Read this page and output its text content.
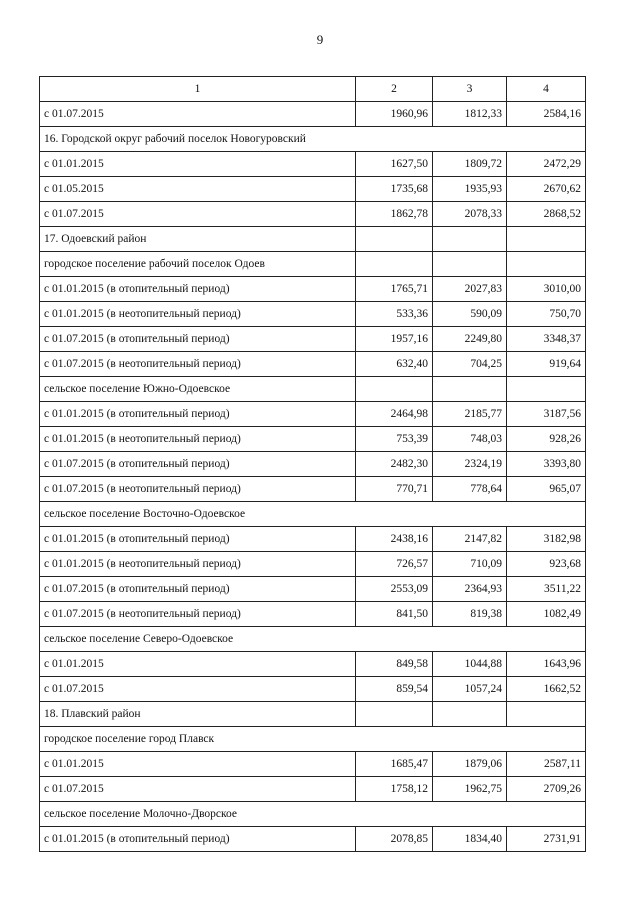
9
1	2	3	4
с 01.07.2015	1960,96	1812,33	2584,16
16. Городской округ рабочий поселок Новогуровский			
с 01.01.2015	1627,50	1809,72	2472,29
с 01.05.2015	1735,68	1935,93	2670,62
с 01.07.2015	1862,78	2078,33	2868,52
17. Одоевский район			
городское поселение рабочий поселок Одоев			
с 01.01.2015 (в отопительный период)	1765,71	2027,83	3010,00
с 01.01.2015 (в неотопительный период)	533,36	590,09	750,70
с 01.07.2015 (в отопительный период)	1957,16	2249,80	3348,37
с 01.07.2015 (в неотопительный период)	632,40	704,25	919,64
сельское поселение Южно-Одоевское			
с 01.01.2015 (в отопительный период)	2464,98	2185,77	3187,56
с 01.01.2015 (в неотопительный период)	753,39	748,03	928,26
с 01.07.2015 (в отопительный период)	2482,30	2324,19	3393,80
с 01.07.2015 (в неотопительный период)	770,71	778,64	965,07
сельское поселение Восточно-Одоевское			
с 01.01.2015 (в отопительный период)	2438,16	2147,82	3182,98
с 01.01.2015 (в неотопительный период)	726,57	710,09	923,68
с 01.07.2015 (в отопительный период)	2553,09	2364,93	3511,22
с 01.07.2015 (в неотопительный период)	841,50	819,38	1082,49
сельское поселение Северо-Одоевское			
с 01.01.2015	849,58	1044,88	1643,96
с 01.07.2015	859,54	1057,24	1662,52
18. Плавский район			
городское поселение город Плавск			
с 01.01.2015	1685,47	1879,06	2587,11
с 01.07.2015	1758,12	1962,75	2709,26
сельское поселение Молочно-Дворское			
с 01.01.2015 (в отопительный период)	2078,85	1834,40	2731,91
